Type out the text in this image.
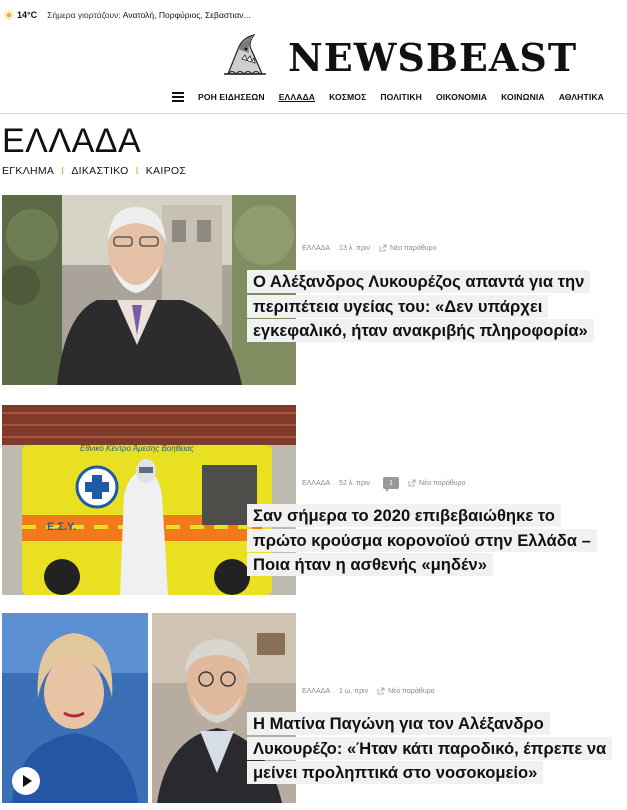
14°C Σήμερα γιορτάζουν: Ανατολή, Πορφύριος, Σεβαστιαν...
NEWSBEAST
ΡΟΗ ΕΙΔΗΣΕΩΝ ΕΛΛΑΔΑ ΚΟΣΜΟΣ ΠΟΛΙΤΙΚΗ ΟΙΚΟΝΟΜΙΑ ΚΟΙΝΩΝΙΑ ΑΘΛΗΤΙΚΑ
ΕΛΛΑΔΑ
ΕΓΚΛΗΜΑ I ΔΙΚΑΣΤΙΚΟ I ΚΑΙΡΟΣ
ΕΛΛΑΔΑ 13 λ. πριν	Νέο παράθυρο
Ο Αλέξανδρος Λυκουρέζος απαντά για την περιπέτεια υγείας του: «Δεν υπάρχει εγκεφαλικό, ήταν ανακριβής πληροφορία»
Εθνικό Κέντρο Άμεσης Βοήθειας
Ε.Σ.Υ.
ΕΛΛΑΔΑ 52 λ. πριν	1	Νέο παράθυρο
Σαν σήμερα το 2020 επιβεβαιώθηκε το πρώτο κρούσμα κορονοϊού στην Ελλάδα – Ποια ήταν η ασθενής «μηδέν»
ΕΛΛΑΔΑ 1 ω. πριν	Νέο παράθυρο
Η Ματίνα Παγώνη για τον Αλέξανδρο Λυκουρέζο: «Ήταν κάτι παροδικό, έπρεπε να μείνει προληπτικά στο νοσοκομείο»
